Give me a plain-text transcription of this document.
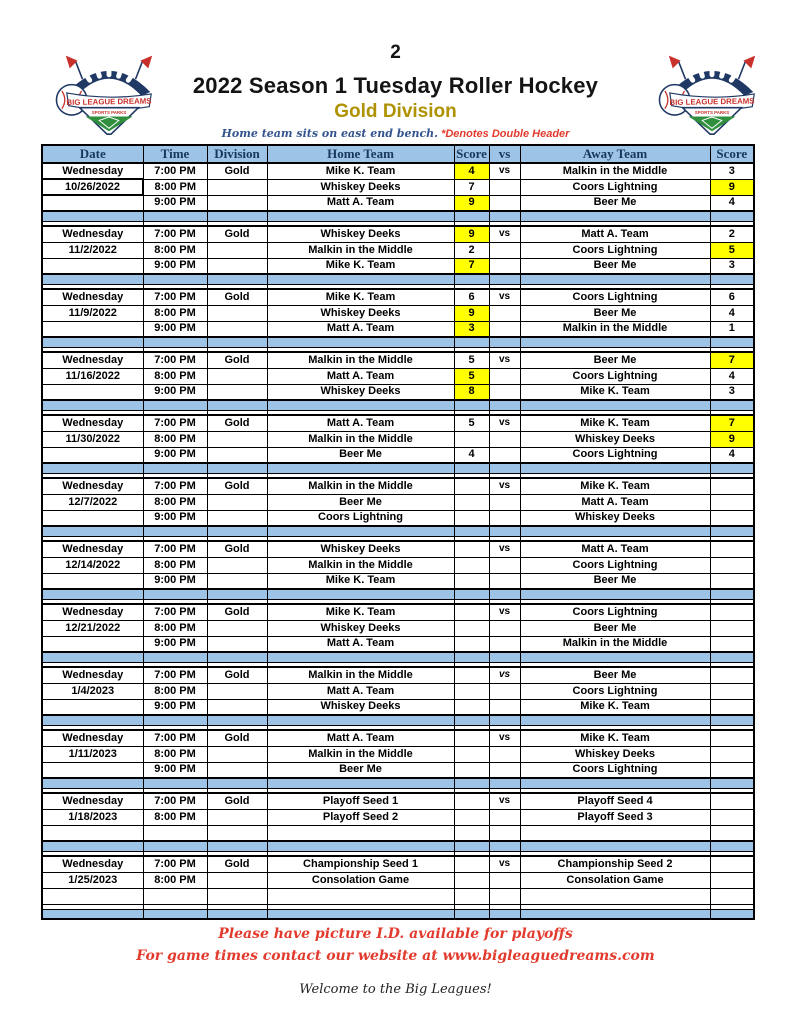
BIG LEAGUE DREAMS
SPORTS PARKS
BIG LEAGUE DREAMS
SPORTS PARKS
2
2022 Season 1 Tuesday Roller Hockey
Gold Division
Home team sits on east end bench. *Denotes Double Header
Date	Time	Division	Home Team	Score	vs	Away Team	Score
Wednesday	7:00 PM	Gold	Mike K. Team	4	vs	Malkin in the Middle	3
10/26/2022	8:00 PM		Whiskey Deeks	7		Coors Lightning	9
	9:00 PM		Matt A. Team	9		Beer Me	4

Wednesday	7:00 PM	Gold	Whiskey Deeks	9	vs	Matt A. Team	2
11/2/2022	8:00 PM		Malkin in the Middle	2		Coors Lightning	5
	9:00 PM		Mike K. Team	7		Beer Me	3

Wednesday	7:00 PM	Gold	Mike K. Team	6	vs	Coors Lightning	6
11/9/2022	8:00 PM		Whiskey Deeks	9		Beer Me	4
	9:00 PM		Matt A. Team	3		Malkin in the Middle	1

Wednesday	7:00 PM	Gold	Malkin in the Middle	5	vs	Beer Me	7
11/16/2022	8:00 PM		Matt A. Team	5		Coors Lightning	4
	9:00 PM		Whiskey Deeks	8		Mike K. Team	3

Wednesday	7:00 PM	Gold	Matt A. Team	5	vs	Mike K. Team	7
11/30/2022	8:00 PM		Malkin in the Middle			Whiskey Deeks	9
	9:00 PM		Beer Me	4		Coors Lightning	4

Wednesday	7:00 PM	Gold	Malkin in the Middle		vs	Mike K. Team	
12/7/2022	8:00 PM		Beer Me			Matt A. Team	
	9:00 PM		Coors Lightning			Whiskey Deeks	

Wednesday	7:00 PM	Gold	Whiskey Deeks		vs	Matt A. Team	
12/14/2022	8:00 PM		Malkin in the Middle			Coors Lightning	
	9:00 PM		Mike K. Team			Beer Me	

Wednesday	7:00 PM	Gold	Mike K. Team		vs	Coors Lightning	
12/21/2022	8:00 PM		Whiskey Deeks			Beer Me	
	9:00 PM		Matt A. Team			Malkin in the Middle	

Wednesday	7:00 PM	Gold	Malkin in the Middle		vs	Beer Me	
1/4/2023	8:00 PM		Matt A. Team			Coors Lightning	
	9:00 PM		Whiskey Deeks			Mike K. Team	

Wednesday	7:00 PM	Gold	Matt A. Team		vs	Mike K. Team	
1/11/2023	8:00 PM		Malkin in the Middle			Whiskey Deeks	
	9:00 PM		Beer Me			Coors Lightning	

Wednesday	7:00 PM	Gold	Playoff Seed 1		vs	Playoff Seed 4	
1/18/2023	8:00 PM		Playoff Seed 2			Playoff Seed 3	

Wednesday	7:00 PM	Gold	Championship Seed 1		vs	Championship Seed 2	
1/25/2023	8:00 PM		Consolation Game			Consolation Game	

Please have picture I.D. available for playoffs
For game times contact our website at www.bigleaguedreams.com
Welcome to the Big Leagues!
